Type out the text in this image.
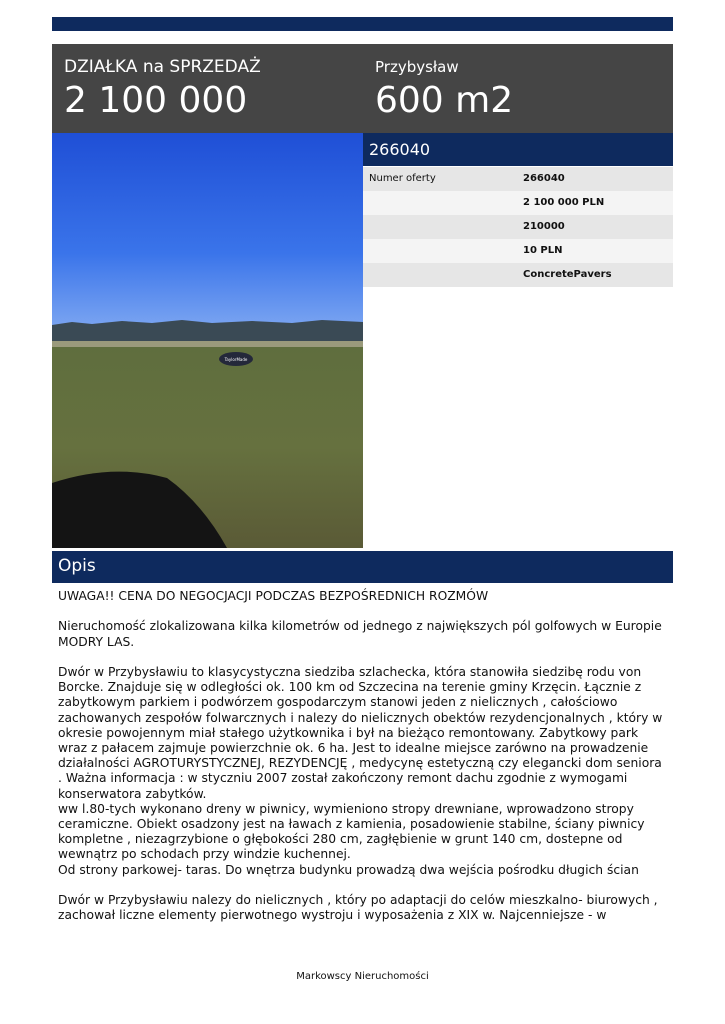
DZIAŁKA na SPRZEDAŻ
2 100 000
Przybysław
600 m2
TaylorMade
266040
Numer oferty	266040
2 100 000 PLN
210000
10 PLN
ConcretePavers
Opis

UWAGA!! CENA DO NEGOCJACJI PODCZAS BEZPOŚREDNICH ROZMÓW

Nieruchomość zlokalizowana kilka kilometrów od jednego z największych pól golfowych w Europie MODRY LAS.

Dwór w Przybysławiu to klasycystyczna siedziba szlachecka, która stanowiła siedzibę rodu von Borcke. Znajduje się w odległości ok. 100 km od Szczecina na terenie gminy Krzęcin. Łącznie z zabytkowym parkiem i podwórzem gospodarczym stanowi jeden z nielicznych , całościowo zachowanych zespołów folwarcznych i nalezy do nielicznych obektów rezydencjonalnych , który w okresie powojennym miał stałego użytkownika i był na bieżąco remontowany. Zabytkowy park wraz z pałacem zajmuje powierzchnie ok. 6 ha. Jest to idealne miejsce zarówno na prowadzenie działalności AGROTURYSTYCZNEJ, REZYDENCJĘ , medycynę estetyczną czy elegancki dom seniora . Ważna informacja : w styczniu 2007 został zakończony remont dachu zgodnie z wymogami konserwatora zabytków.
ww l.80-tych wykonano dreny w piwnicy, wymieniono stropy drewniane, wprowadzono stropy ceramiczne. Obiekt osadzony jest na ławach z kamienia, posadowienie stabilne, ściany piwnicy kompletne , niezagrzybione o głębokości 280 cm, zagłębienie w grunt 140 cm, dostepne od wewnątrz po schodach przy windzie kuchennej.
Od strony parkowej- taras. Do wnętrza budynku prowadzą dwa wejścia pośrodku długich ścian

Dwór w Przybysławiu nalezy do nielicznych , który po adaptacji do celów mieszkalno- biurowych , zachował liczne elementy pierwotnego wystroju i wyposażenia z XIX w. Najcenniejsze - w

Markowscy Nieruchomości
